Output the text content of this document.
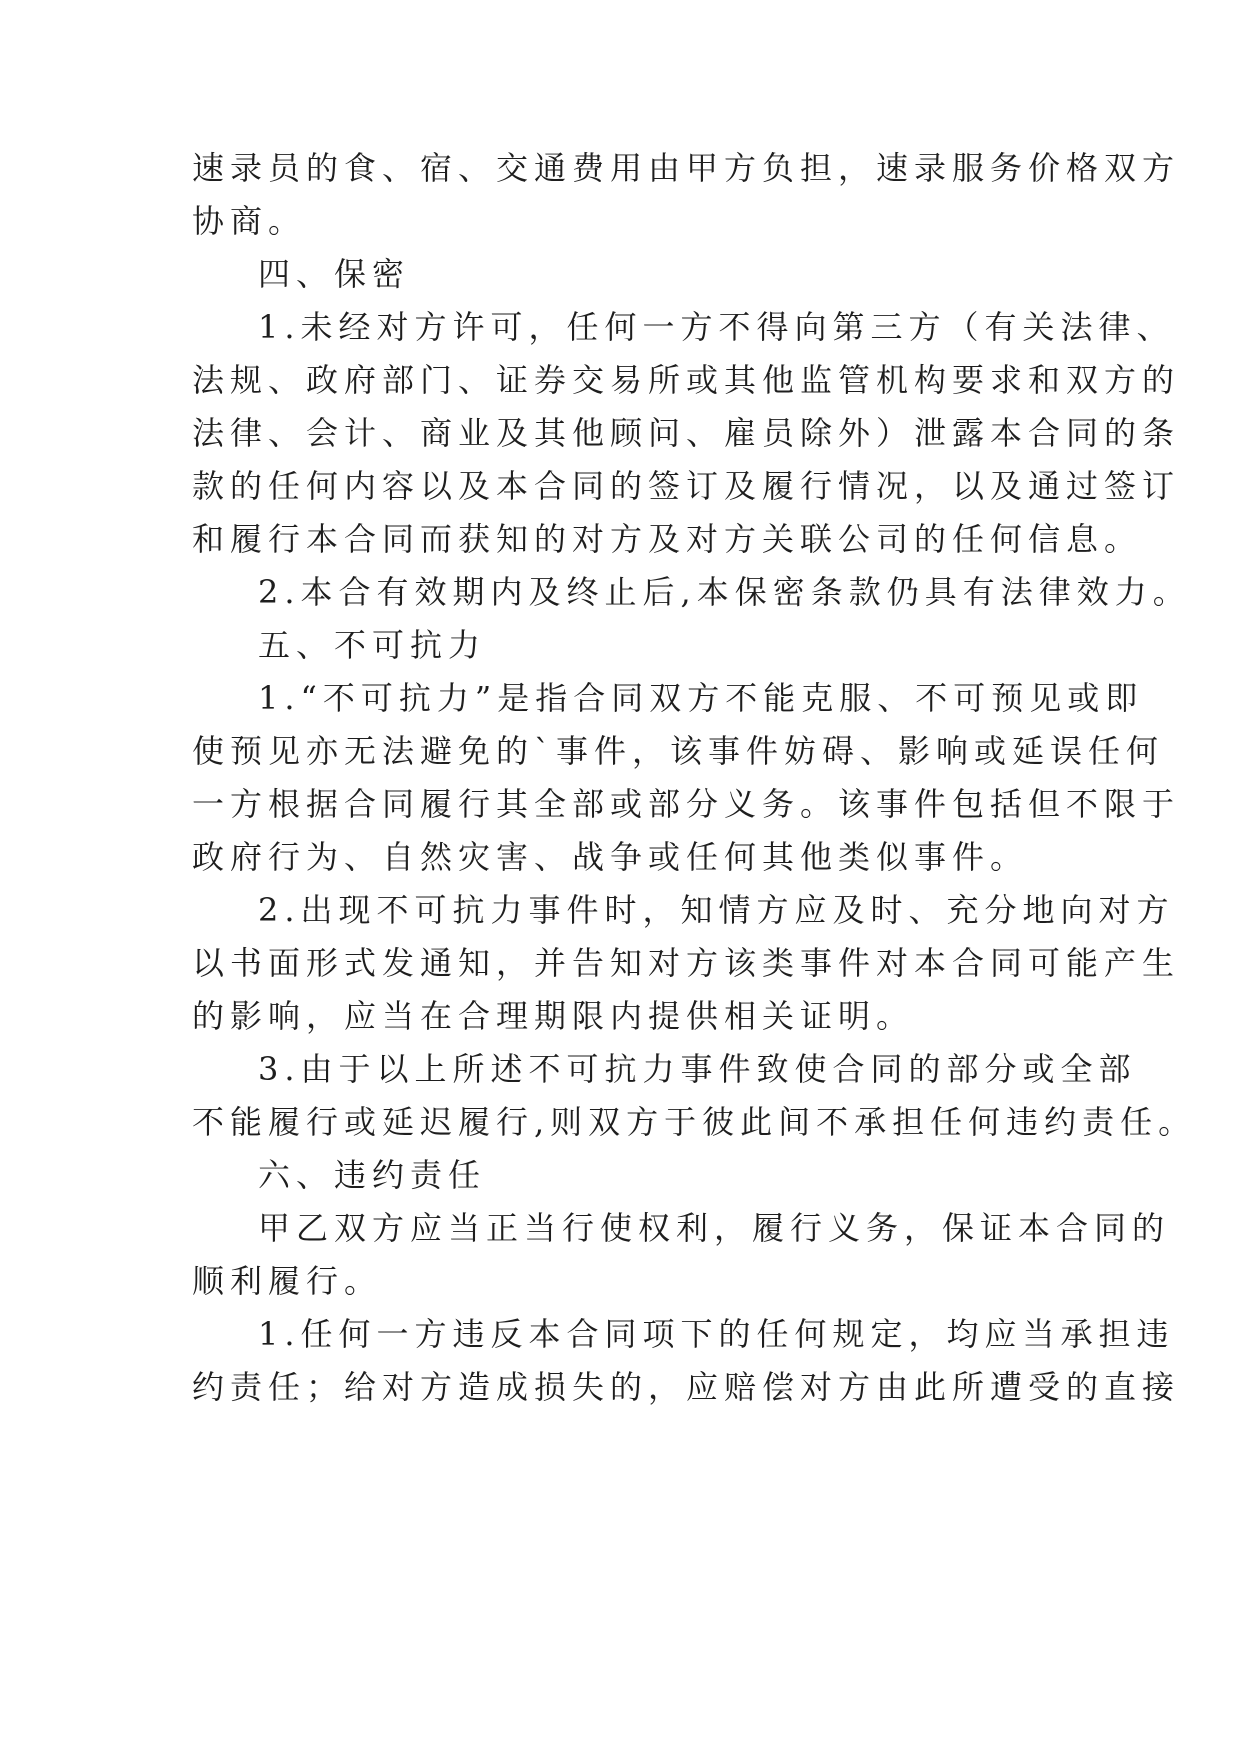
速录员的食、宿、交通费用由甲方负担，速录服务价格双方
协商。
四、保密
1.未经对方许可，任何一方不得向第三方（有关法律、
法规、政府部门、证券交易所或其他监管机构要求和双方的
法律、会计、商业及其他顾问、雇员除外）泄露本合同的条
款的任何内容以及本合同的签订及履行情况，以及通过签订
和履行本合同而获知的对方及对方关联公司的任何信息。
2.本合有效期内及终止后,本保密条款仍具有法律效力。
五、不可抗力
1.“不可抗力”是指合同双方不能克服、不可预见或即
使预见亦无法避免的`事件，该事件妨碍、影响或延误任何
一方根据合同履行其全部或部分义务。该事件包括但不限于
政府行为、自然灾害、战争或任何其他类似事件。
2.出现不可抗力事件时，知情方应及时、充分地向对方
以书面形式发通知，并告知对方该类事件对本合同可能产生
的影响，应当在合理期限内提供相关证明。
3.由于以上所述不可抗力事件致使合同的部分或全部
不能履行或延迟履行,则双方于彼此间不承担任何违约责任。
六、违约责任
甲乙双方应当正当行使权利，履行义务，保证本合同的
顺利履行。
1.任何一方违反本合同项下的任何规定，均应当承担违
约责任；给对方造成损失的，应赔偿对方由此所遭受的直接
